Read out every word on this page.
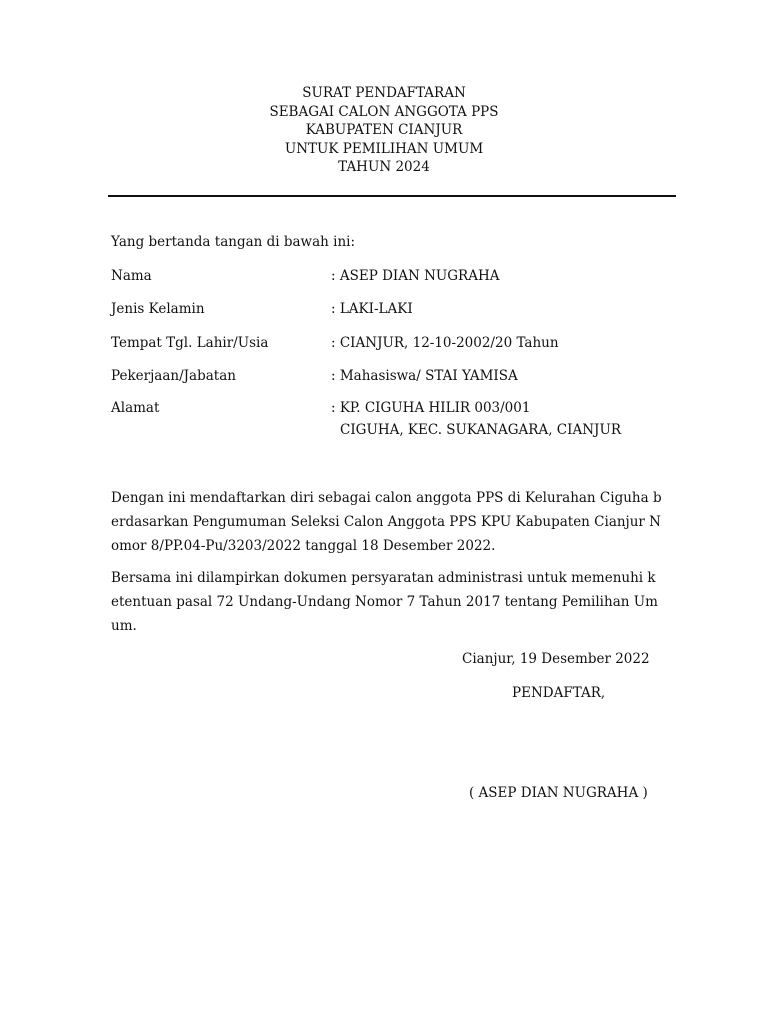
SURAT PENDAFTARAN
SEBAGAI CALON ANGGOTA PPS
KABUPATEN CIANJUR
UNTUK PEMILIHAN UMUM
TAHUN 2024
Yang bertanda tangan di bawah ini:
Nama	: ASEP DIAN NUGRAHA
Jenis Kelamin	: LAKI-LAKI
Tempat Tgl. Lahir/Usia	: CIANJUR, 12-10-2002/20 Tahun
Pekerjaan/Jabatan	: Mahasiswa/ STAI YAMISA
Alamat	: KP. CIGUHA HILIR 003/001
CIGUHA, KEC. SUKANAGARA, CIANJUR
Dengan ini mendaftarkan diri sebagai calon anggota PPS di Kelurahan Ciguha b
erdasarkan Pengumuman Seleksi Calon Anggota PPS KPU Kabupaten Cianjur N
omor 8/PP.04-Pu/3203/2022 tanggal 18 Desember 2022.
Bersama ini dilampirkan dokumen persyaratan administrasi untuk memenuhi k
etentuan pasal 72 Undang-Undang Nomor 7 Tahun 2017 tentang Pemilihan Um
um.
Cianjur, 19 Desember 2022
PENDAFTAR,
( ASEP DIAN NUGRAHA )
